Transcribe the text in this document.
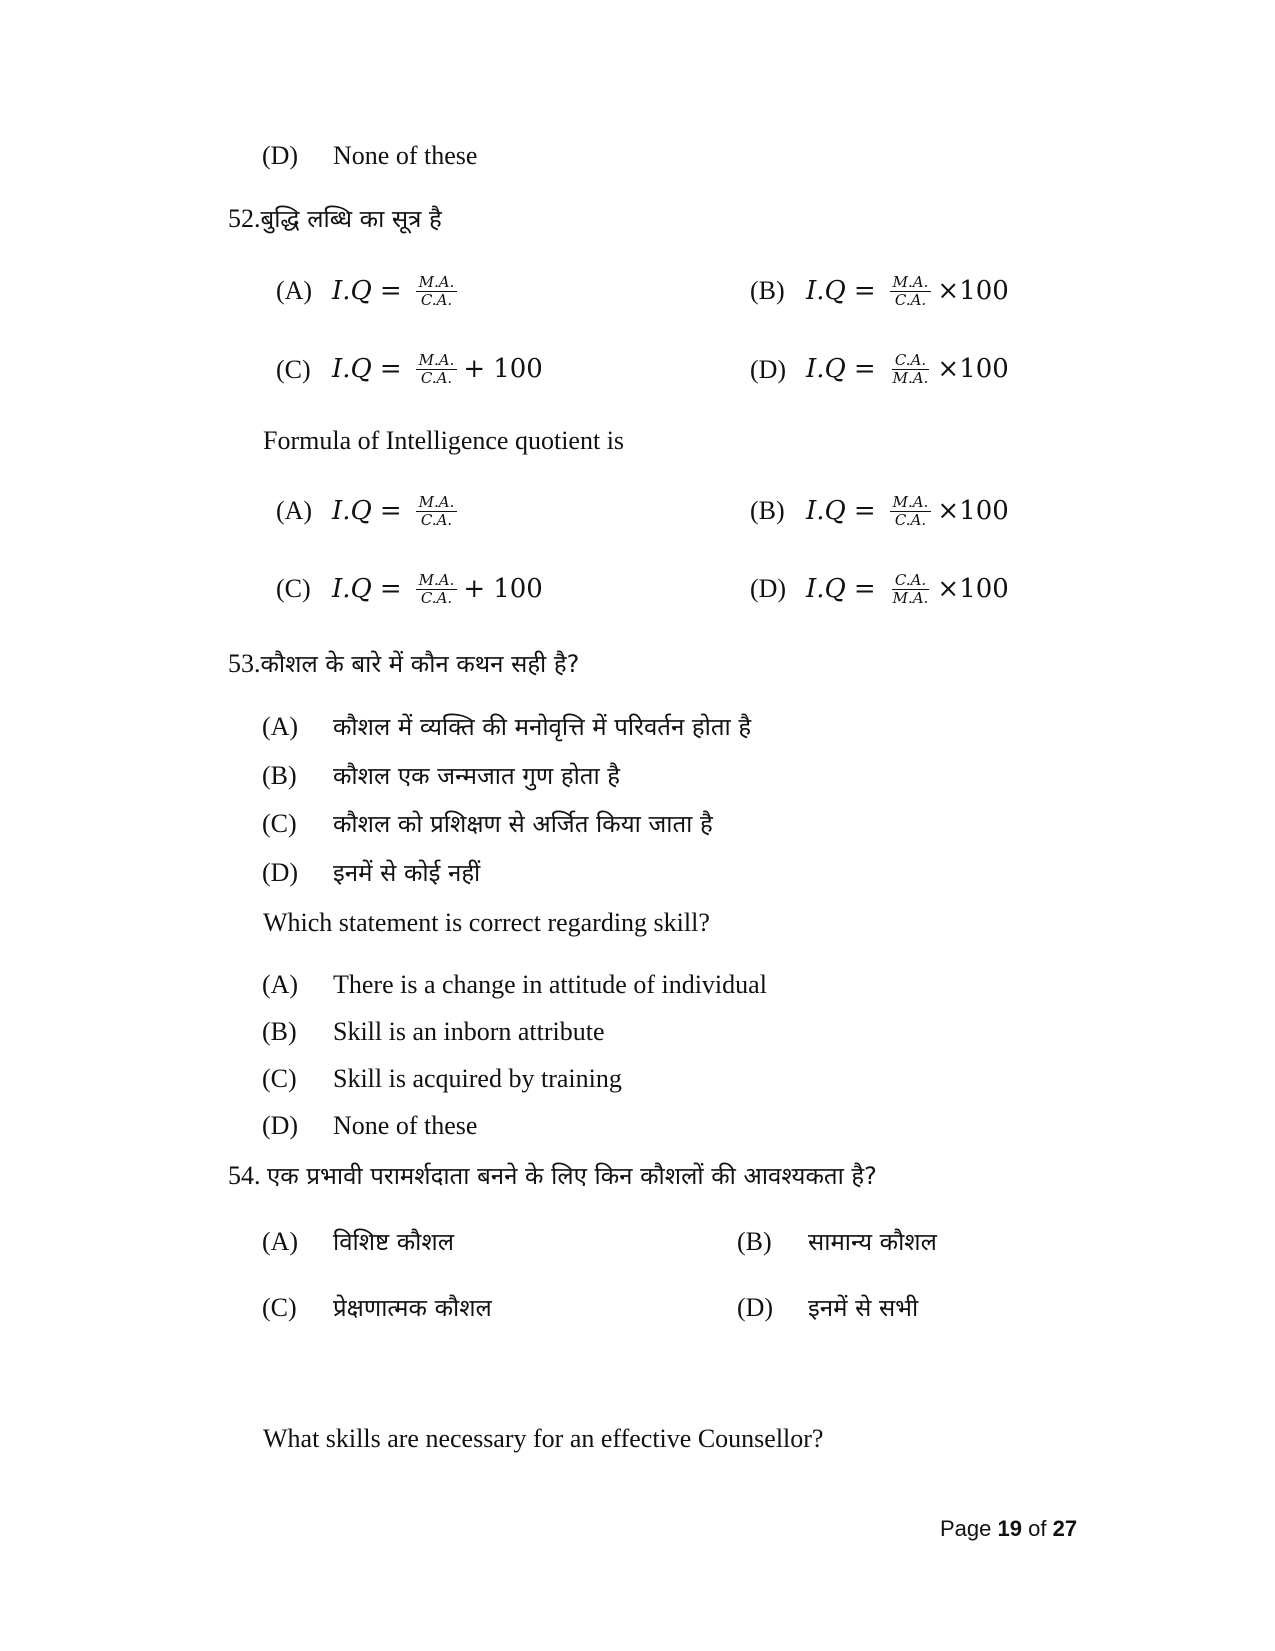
(D) None of these
52.बुद्धि लब्धि का सूत्र है
(A) $I.Q = \frac{M.A.}{C.A.}$	(B) $I.Q = \frac{M.A.}{C.A.} \times 100$
(C) $I.Q = \frac{M.A.}{C.A.} + 100$	(D) $I.Q = \frac{C.A.}{M.A.} \times 100$
Formula of Intelligence quotient is
(A) $I.Q = \frac{M.A.}{C.A.}$	(B) $I.Q = \frac{M.A.}{C.A.} \times 100$
(C) $I.Q = \frac{M.A.}{C.A.} + 100$	(D) $I.Q = \frac{C.A.}{M.A.} \times 100$
53.कौशल के बारे में कौन कथन सही है?
(A) कौशल में व्यक्ति की मनोवृत्ति में परिवर्तन होता है
(B) कौशल एक जन्मजात गुण होता है
(C) कौशल को प्रशिक्षण से अर्जित किया जाता है
(D) इनमें से कोई नहीं
Which statement is correct regarding skill?
(A) There is a change in attitude of individual
(B) Skill is an inborn attribute
(C) Skill is acquired by training
(D) None of these
54. एक प्रभावी परामर्शदाता बनने के लिए किन कौशलों की आवश्यकता है?
(A) विशिष्ट कौशल	(B) सामान्य कौशल
(C) प्रेक्षणात्मक कौशल	(D) इनमें से सभी
What skills are necessary for an effective Counsellor?
Page 19 of 27
